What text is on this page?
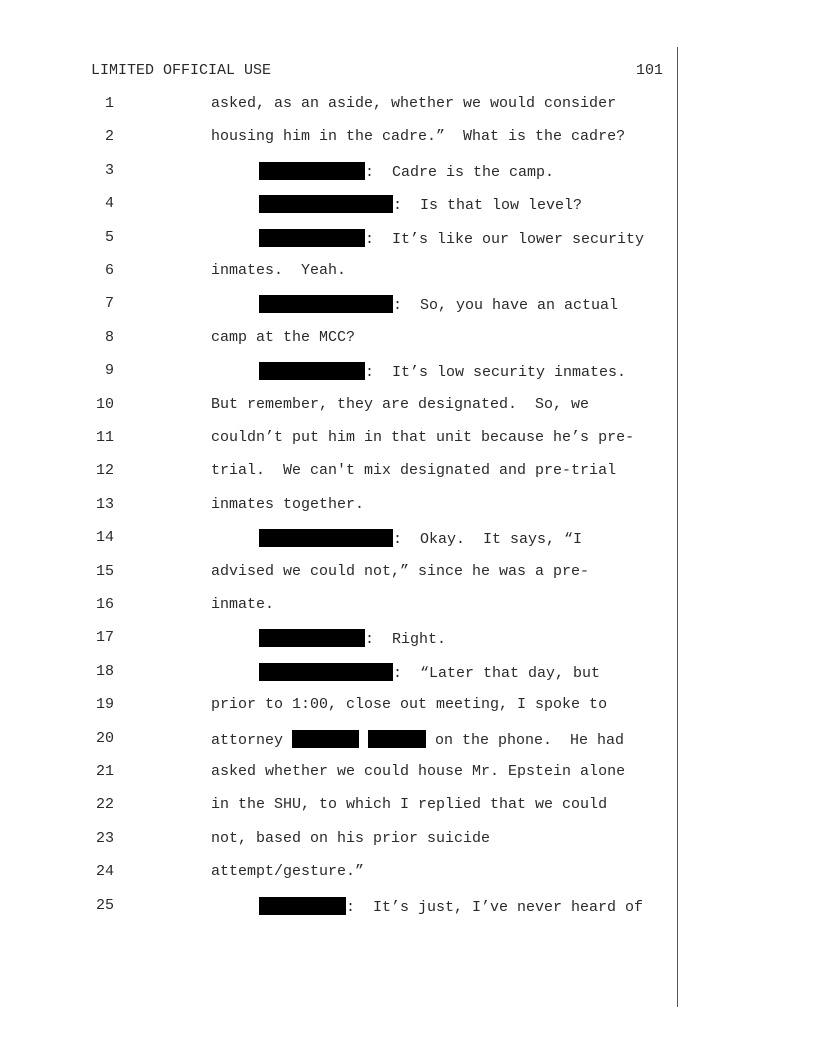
LIMITED OFFICIAL USE	101
1	asked, as an aside, whether we would consider
2	housing him in the cadre.”  What is the cadre?
3	:  Cadre is the camp.
4	:  Is that low level?
5	:  It’s like our lower security
6	inmates.  Yeah.
7	:  So, you have an actual
8	camp at the MCC?
9	:  It’s low security inmates.
10	But remember, they are designated.  So, we
11	couldn’t put him in that unit because he’s pre-
12	trial.  We can't mix designated and pre-trial
13	inmates together.
14	:  Okay.  It says, “I
15	advised we could not,” since he was a pre-
16	inmate.
17	:  Right.
18	:  “Later that day, but
19	prior to 1:00, close out meeting, I spoke to
20	attorney	on the phone.  He had
21	asked whether we could house Mr. Epstein alone
22	in the SHU, to which I replied that we could
23	not, based on his prior suicide
24	attempt/gesture.”
25	:  It’s just, I’ve never heard of
